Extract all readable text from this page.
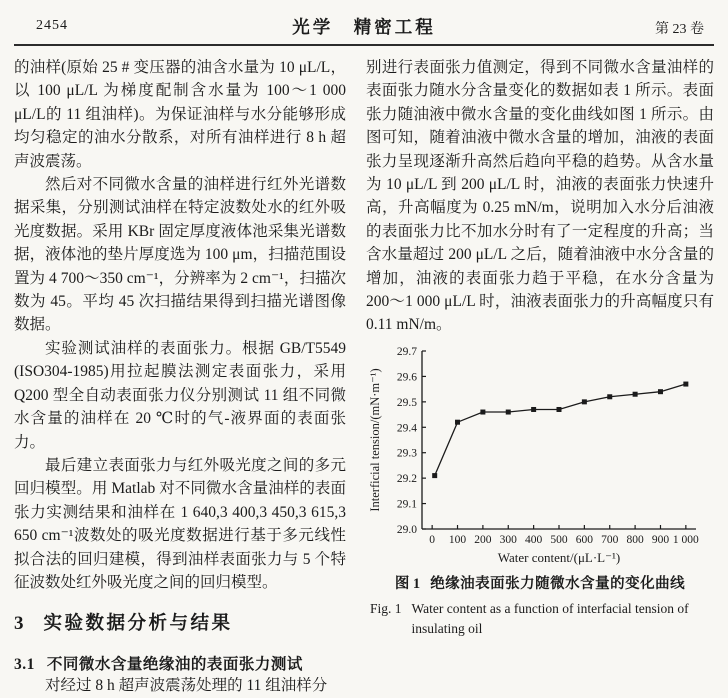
2454	光学　精密工程	第 23 卷

的油样(原始 25 # 变压器的油含水量为 10 μL/L，以 100 μL/L 为梯度配制含水量为 100～1 000 μL/L的 11 组油样)。为保证油样与水分能够形成均匀稳定的油水分散系，对所有油样进行 8 h 超声波震荡。

然后对不同微水含量的油样进行红外光谱数据采集，分别测试油样在特定波数处水的红外吸光度数据。采用 KBr 固定厚度液体池采集光谱数据，液体池的垫片厚度选为 100 μm，扫描范围设置为 4 700～350 cm⁻¹，分辨率为 2 cm⁻¹，扫描次数为 45。平均 45 次扫描结果得到扫描光谱图像数据。

实验测试油样的表面张力。根据 GB/T5549 (ISO304-1985)用拉起膜法测定表面张力，采用 Q200 型全自动表面张力仪分别测试 11 组不同微水含量的油样在 20 ℃时的气-液界面的表面张力。

最后建立表面张力与红外吸光度之间的多元回归模型。用 Matlab 对不同微水含量油样的表面张力实测结果和油样在 1 640,3 400,3 450,3 615,3 650 cm⁻¹波数处的吸光度数据进行基于多元线性拟合法的回归建模，得到油样表面张力与 5 个特征波数处红外吸光度之间的回归模型。

3 实验数据分析与结果
3.1 不同微水含量绝缘油的表面张力测试

对经过 8 h 超声波震荡处理的 11 组油样分

别进行表面张力值测定，得到不同微水含量油样的表面张力随水分含量变化的数据如表 1 所示。表面张力随油液中微水含量的变化曲线如图 1 所示。由图可知，随着油液中微水含量的增加，油液的表面张力呈现逐渐升高然后趋向平稳的趋势。从含水量为 10 μL/L 到 200 μL/L 时，油液的表面张力快速升高，升高幅度为 0.25 mN/m，说明加入水分后油液的表面张力比不加水分时有了一定程度的升高；当含水量超过 200 μL/L 之后，随着油液中水分含量的增加，油液的表面张力趋于平稳，在水分含量为 200～1 000 μL/L 时，油液表面张力的升高幅度只有 0.11 mN/m。

29.0
29.1
29.2
29.3
29.4
29.5
29.6
29.7
0 100 200 300 400 500 600 700 800 900 1 000
Water content/(μL·L⁻¹)
Interficial tension/(mN·m⁻¹)
图 1 绝缘油表面张力随微水含量的变化曲线
Fig. 1 Water content as a function of interfacial tension of insulating oil
